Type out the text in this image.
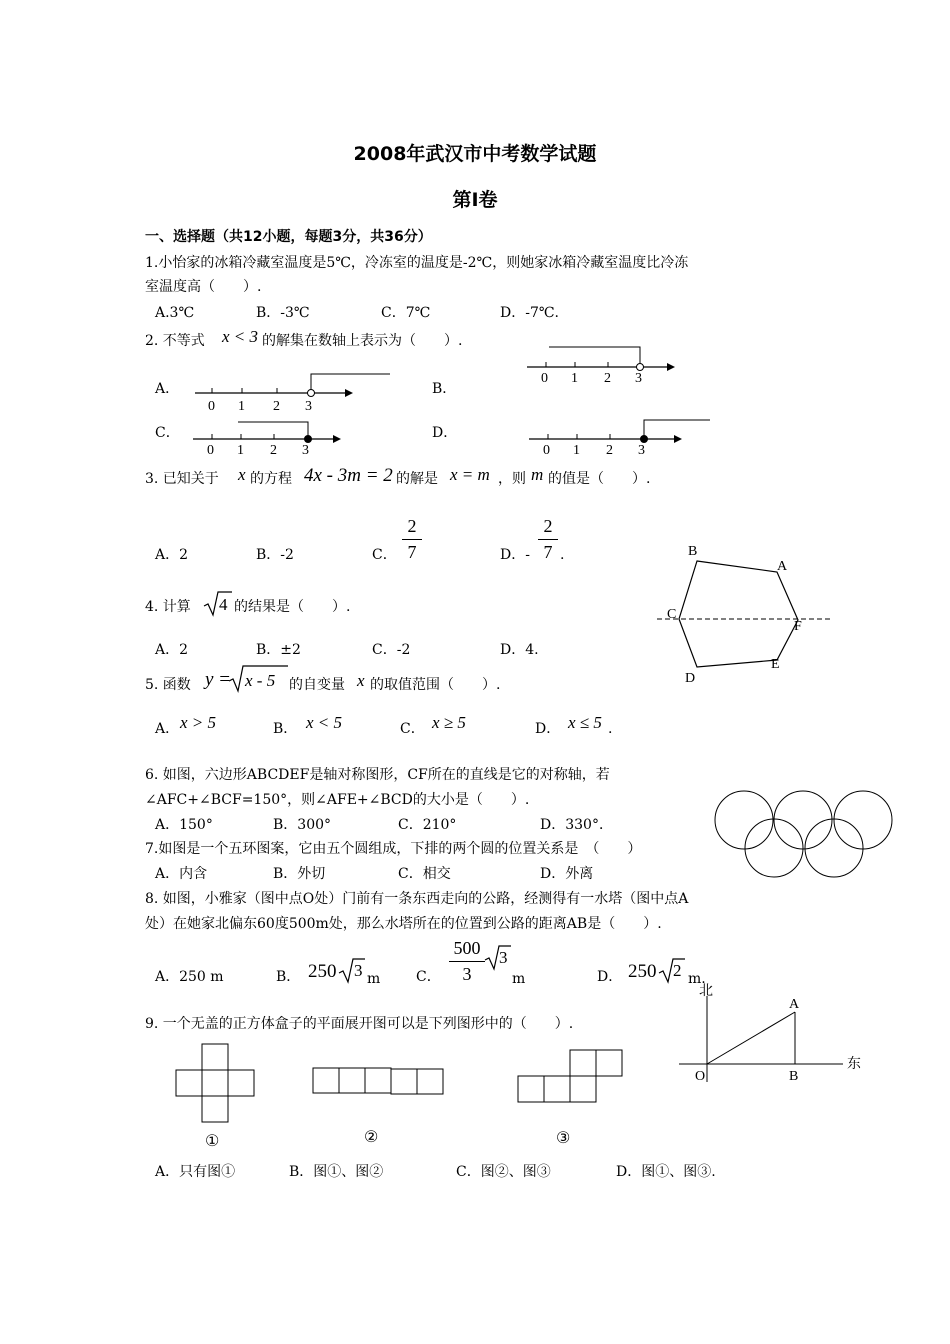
2008年武汉市中考数学试题
第Ⅰ卷
一、选择题（共12小题，每题3分，共36分）
1.小怡家的冰箱冷藏室温度是5℃，冷冻室的温度是-2℃，则她家冰箱冷藏室温度比冷冻
室温度高（　　）.
A.3℃	B．-3℃	C．7℃	D．-7℃.
2. 不等式 x < 3 的解集在数轴上表示为（　　）.
A．	B．
C．	D．
0 1 2 3
0 1 2 3
0 1 2 3	0 1 2 3
3. 已知关于 x 的方程 4x - 3m = 2 的解是 x = m ，则 m 的值是（　　）.
A．2	B．-2	C．
2
7	D．-
2
7 .
A
B
C
D
E
F
4. 计算 4 的结果是（　　）.
A．2	B．±2	C．-2	D．4.
5. 函数 y = x - 5 的自变量 x 的取值范围（　　）.
A． x > 5	B． x < 5	C． x ≥ 5	D． x ≤ 5 .
6. 如图，六边形ABCDEF是轴对称图形，CF所在的直线是它的对称轴，若
∠AFC+∠BCF=150°，则∠AFE+∠BCD的大小是（　　）.
A．150°	B．300°	C．210°	D．330°．
7.如图是一个五环图案，它由五个圆组成，下排的两个圆的位置关系是　（　　）
A．内含	B．外切	C．相交	D．外离
8. 如图，小雅家（图中点O处）门前有一条东西走向的公路，经测得有一水塔（图中点A
处）在她家北偏东60度500m处，那么水塔所在的位置到公路的距离AB是（　　）.
A．250 m	B． 250 3 m	C．
500
3
3
m	D． 250 2 m.
北
东
A
O	B
9. 一个无盖的正方体盒子的平面展开图可以是下列图形中的（　　）.
①	②	③
A．只有图①	B．图①、图②	C．图②、图③	D．图①、图③.
